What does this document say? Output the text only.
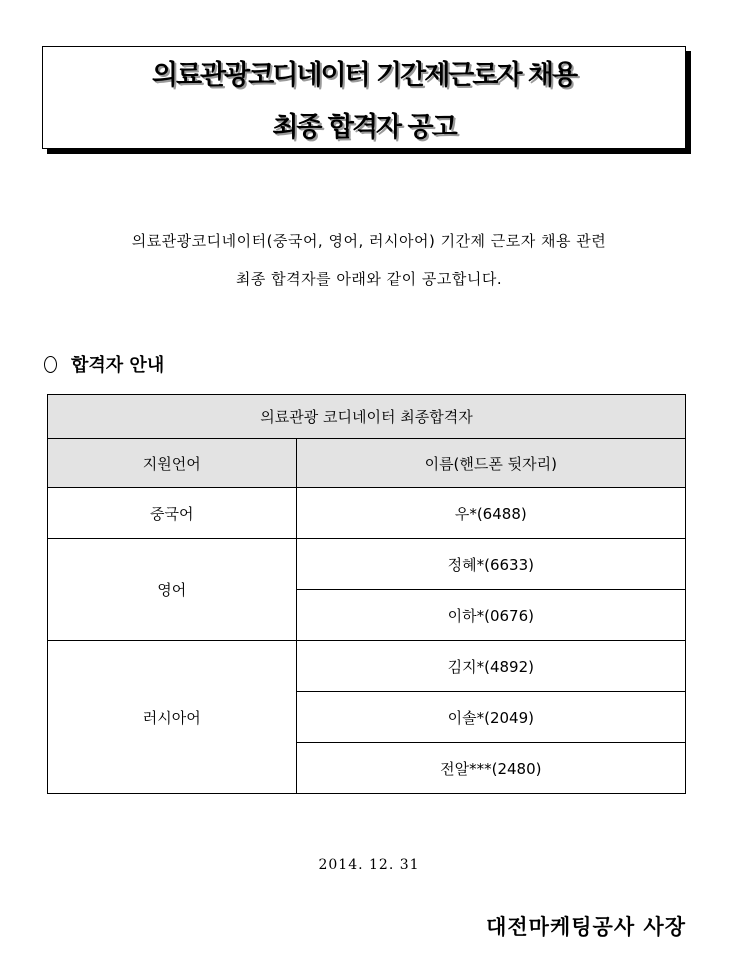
의료관광코디네이터 기간제근로자 채용
최종 합격자 공고
의료관광코디네이터(중국어, 영어, 러시아어) 기간제 근로자 채용 관련
최종 합격자를 아래와 같이 공고합니다.
합격자 안내
의료관광 코디네이터 최종합격자	
지원언어	이름(핸드폰 뒷자리)
중국어	우*(6488)
영어	정혜*(6633)
	이하*(0676)
러시아어	김지*(4892)
	이솔*(2049)
	전알***(2480)
2014. 12. 31
대전마케팅공사 사장
